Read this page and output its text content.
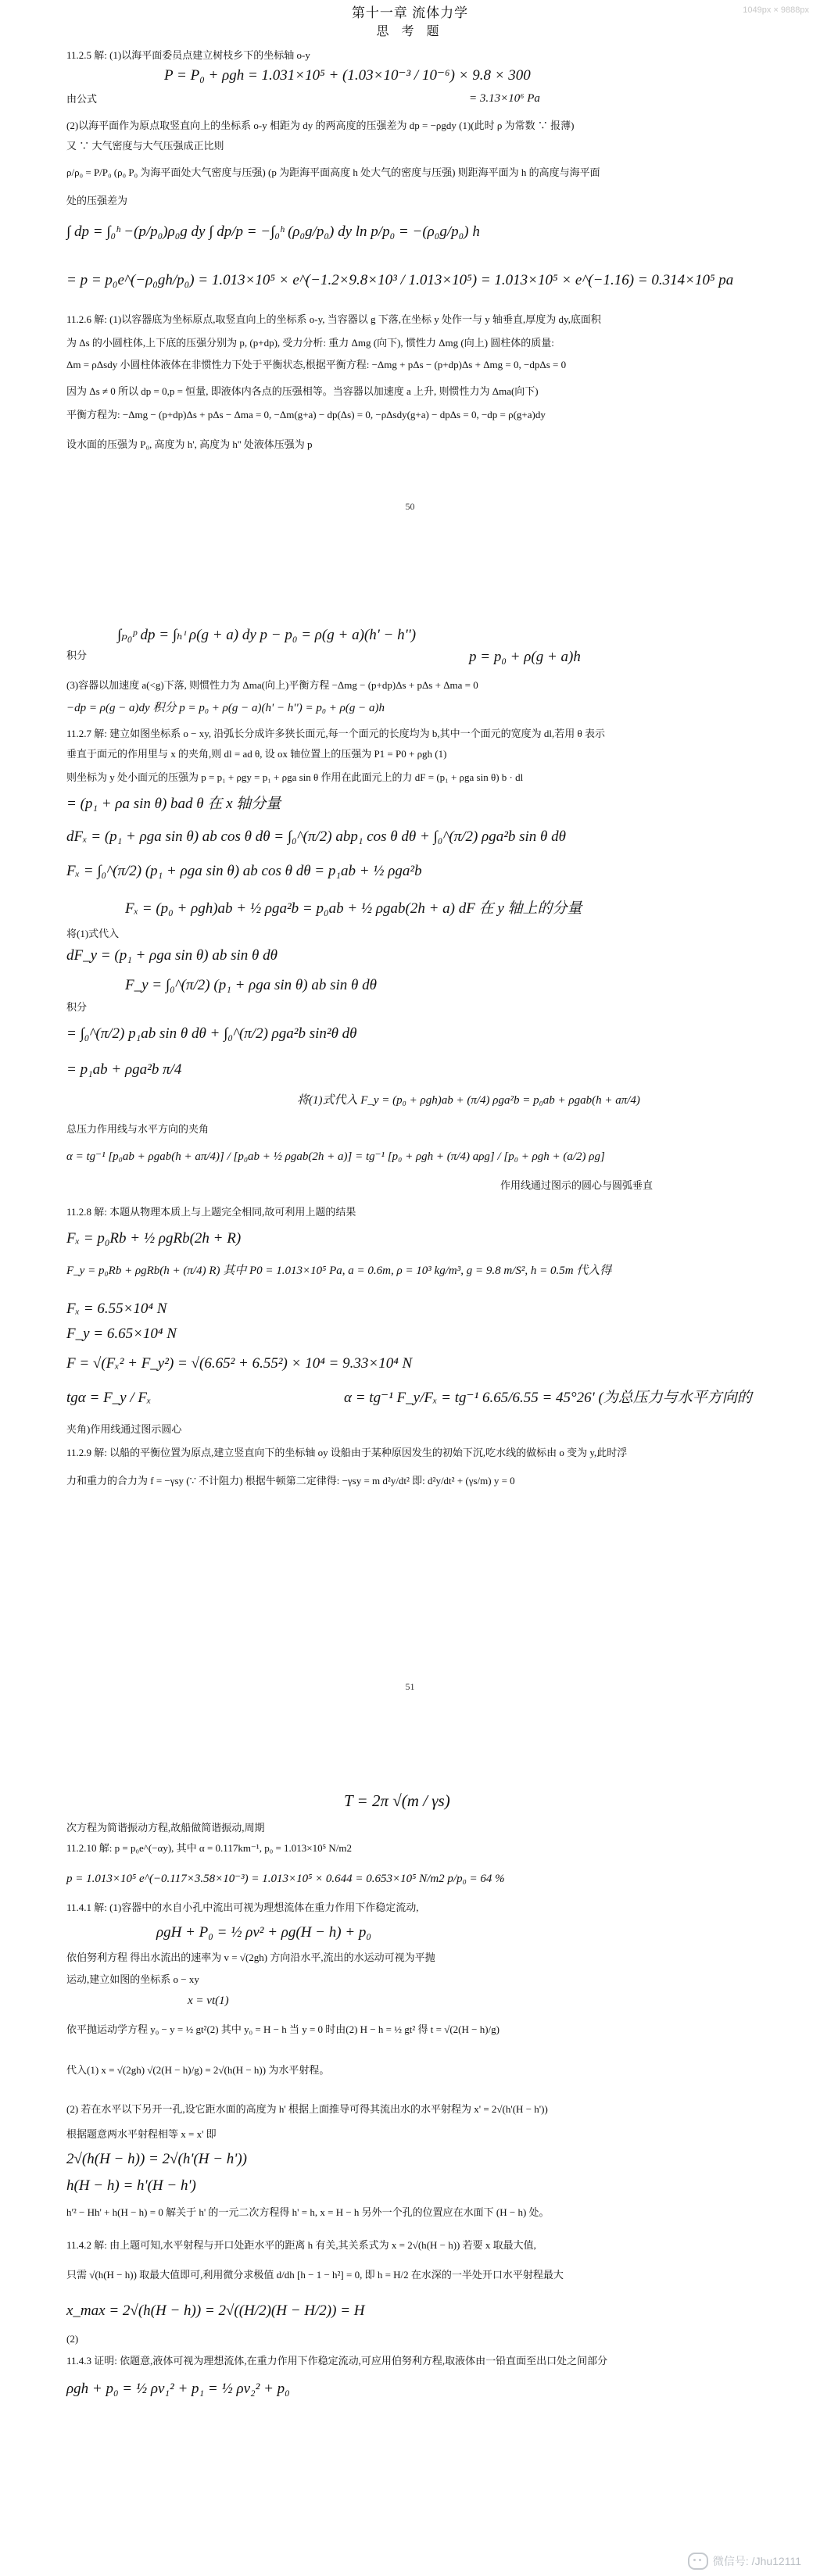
1049px × 9888px
第十一章 流体力学
思 考 题
11.2.5 解: (1)以海平面委员点建立树枝乡下的坐标轴 o-y
P = P₀ + ρgh = 1.031×10⁵ + (1.03×10⁻³ / 10⁻⁶) × 9.8 × 300
由公式	= 3.13×10⁶ Pa
(2)以海平面作为原点取竖直向上的坐标系 o-y 相距为 dy 的两高度的压强差为 dp = −ρgdy (1)(此时 ρ 为常数 ∵ 报薄)
又 ∵ 大气密度与大气压强成正比则
ρ/ρ₀ = P/P₀ (ρ₀ P₀ 为海平面处大气密度与压强) (p 为距海平面高度 h 处大气的密度与压强) 则距海平面为 h 的高度与海平面
处的压强差为
∫ dp = ∫₀ʰ −(p/p₀)ρ₀g dy ∫ dp/p = −∫₀ʰ (ρ₀g/p₀) dy ln p/p₀ = −(ρ₀g/p₀) h
= p = p₀e^(−ρ₀gh/p₀) = 1.013×10⁵ × e^(−1.2×9.8×10³ / 1.013×10⁵) = 1.013×10⁵ × e^(−1.16) = 0.314×10⁵ pa
11.2.6 解: (1)以容器底为坐标原点,取竖直向上的坐标系 o-y, 当容器以 g 下落,在坐标 y 处作一与 y 轴垂直,厚度为 dy,底面积
为 Δs 的小圆柱体,上下底的压强分别为 p, (p+dp), 受力分析: 重力 Δmg (向下), 惯性力 Δmg (向上) 圆柱体的质量:
Δm = ρΔsdy 小圆柱体液体在非惯性力下处于平衡状态,根据平衡方程: −Δmg + pΔs − (p+dp)Δs + Δmg = 0, −dpΔs = 0
因为 Δs ≠ 0 所以 dp = 0,p = 恒量, 即液体内各点的压强相等。当容器以加速度 a 上升, 则惯性力为 Δma(向下)
平衡方程为: −Δmg − (p+dp)Δs + pΔs − Δma = 0, −Δm(g+a) − dp(Δs) = 0, −ρΔsdy(g+a) − dpΔs = 0, −dp = ρ(g+a)dy
设水面的压强为 P₀, 高度为 h', 高度为 h'' 处液体压强为 p
50
∫ₚ₀ᵖ dp = ∫ₕᶦ ρ(g + a) dy p − p₀ = ρ(g + a)(h' − h'')
积分	p = p₀ + ρ(g + a)h
(3)容器以加速度 a(<g)下落, 则惯性力为 Δma(向上)平衡方程 −Δmg − (p+dp)Δs + pΔs + Δma = 0
−dp = ρ(g − a)dy 积分 p = p₀ + ρ(g − a)(h' − h'') = p₀ + ρ(g − a)h
11.2.7 解: 建立如图坐标系 o − xy, 沿弧长分成许多狭长面元,每一个面元的长度均为 b,其中一个面元的宽度为 dl,若用 θ 表示
垂直于面元的作用里与 x 的夹角,则 dl = ad θ, 设 ox 轴位置上的压强为 P1 = P0 + ρgh (1)
则坐标为 y 处小面元的压强为 p = p₁ + ρgy = p₁ + ρga sin θ 作用在此面元上的力 dF = (p₁ + ρga sin θ) b · dl
= (p₁ + ρa sin θ) bad θ 在 x 轴分量
dFₓ = (p₁ + ρga sin θ) ab cos θ dθ = ∫₀^(π/2) abp₁ cos θ dθ + ∫₀^(π/2) ρga²b sin θ dθ
Fₓ = ∫₀^(π/2) (p₁ + ρga sin θ) ab cos θ dθ = p₁ab + ½ ρga²b
Fₓ = (p₀ + ρgh)ab + ½ ρga²b = p₀ab + ½ ρgab(2h + a) dF 在 y 轴上的分量
将(1)式代入
dF_y = (p₁ + ρga sin θ) ab sin θ dθ
F_y = ∫₀^(π/2) (p₁ + ρga sin θ) ab sin θ dθ
积分
= ∫₀^(π/2) p₁ab sin θ dθ + ∫₀^(π/2) ρga²b sin²θ dθ
= p₁ab + ρga²b π/4
将(1)式代入 F_y = (p₀ + ρgh)ab + (π/4) ρga²b = p₀ab + ρgab(h + aπ/4)
总压力作用线与水平方向的夹角
α = tg⁻¹ [p₀ab + ρgab(h + aπ/4)] / [p₀ab + ½ ρgab(2h + a)] = tg⁻¹ [p₀ + ρgh + (π/4) aρg] / [p₀ + ρgh + (a/2) ρg]
作用线通过图示的圆心与圆弧垂直
11.2.8 解: 本题从物理本质上与上题完全相同,故可利用上题的结果
Fₓ = p₀Rb + ½ ρgRb(2h + R)
F_y = p₀Rb + ρgRb(h + (π/4) R) 其中 P0 = 1.013×10⁵ Pa, a = 0.6m, ρ = 10³ kg/m³, g = 9.8 m/S², h = 0.5m 代入得
Fₓ = 6.55×10⁴ N
F_y = 6.65×10⁴ N
F = √(Fₓ² + F_y²) = √(6.65² + 6.55²) × 10⁴ = 9.33×10⁴ N
tgα = F_y / Fₓ	α = tg⁻¹ F_y/Fₓ = tg⁻¹ 6.65/6.55 = 45°26' (为总压力与水平方向的
夹角)作用线通过图示圆心
11.2.9 解: 以船的平衡位置为原点,建立竖直向下的坐标轴 oy 设船由于某种原因发生的初始下沉,吃水线的做标由 o 变为 y,此时浮
力和重力的合力为 f = −γsy (∵ 不计阻力) 根据牛顿第二定律得: −γsy = m d²y/dt² 即: d²y/dt² + (γs/m) y = 0
51
T = 2π √(m / γs)
次方程为简谐振动方程,故船做简谐振动,周期
11.2.10 解: p = p₀e^(−αy), 其中 α = 0.117km⁻¹, p₀ = 1.013×10⁵ N/m2
p = 1.013×10⁵ e^(−0.117×3.58×10⁻³) = 1.013×10⁵ × 0.644 = 0.653×10⁵ N/m2 p/p₀ = 64 %
11.4.1 解: (1)容器中的水自小孔中流出可视为理想流体在重力作用下作稳定流动,
ρgH + P₀ = ½ ρv² + ρg(H − h) + p₀
依伯努利方程 得出水流出的速率为 v = √(2gh) 方向沿水平,流出的水运动可视为平抛
运动,建立如图的坐标系 o − xy
x = vt(1)
依平抛运动学方程 y₀ − y = ½ gt²(2) 其中 y₀ = H − h 当 y = 0 时由(2) H − h = ½ gt² 得 t = √(2(H − h)/g)
代入(1) x = √(2gh) √(2(H − h)/g) = 2√(h(H − h)) 为水平射程。
(2) 若在水平以下另开一孔,设它距水面的高度为 h' 根据上面推导可得其流出水的水平射程为 x' = 2√(h'(H − h'))
根据题意两水平射程相等 x = x' 即
2√(h(H − h)) = 2√(h'(H − h'))
h(H − h) = h'(H − h')
h'² − Hh' + h(H − h) = 0 解关于 h' 的一元二次方程得 h' = h, x = H − h 另外一个孔的位置应在水面下 (H − h) 处。
11.4.2 解: 由上题可知,水平射程与开口处距水平的距离 h 有关,其关系式为 x = 2√(h(H − h)) 若要 x 取最大值,
只需 √(h(H − h)) 取最大值即可,利用微分求极值 d/dh [h − 1 − h²] = 0, 即 h = H/2 在水深的一半处开口水平射程最大
x_max = 2√(h(H − h)) = 2√((H/2)(H − H/2)) = H
(2)
11.4.3 证明: 依题意,液体可视为理想流体,在重力作用下作稳定流动,可应用伯努利方程,取液体由一铅直面至出口处之间部分
ρgh + p₀ = ½ ρv₁² + p₁ = ½ ρv₂² + p₀
微信号: /Jhu12111
